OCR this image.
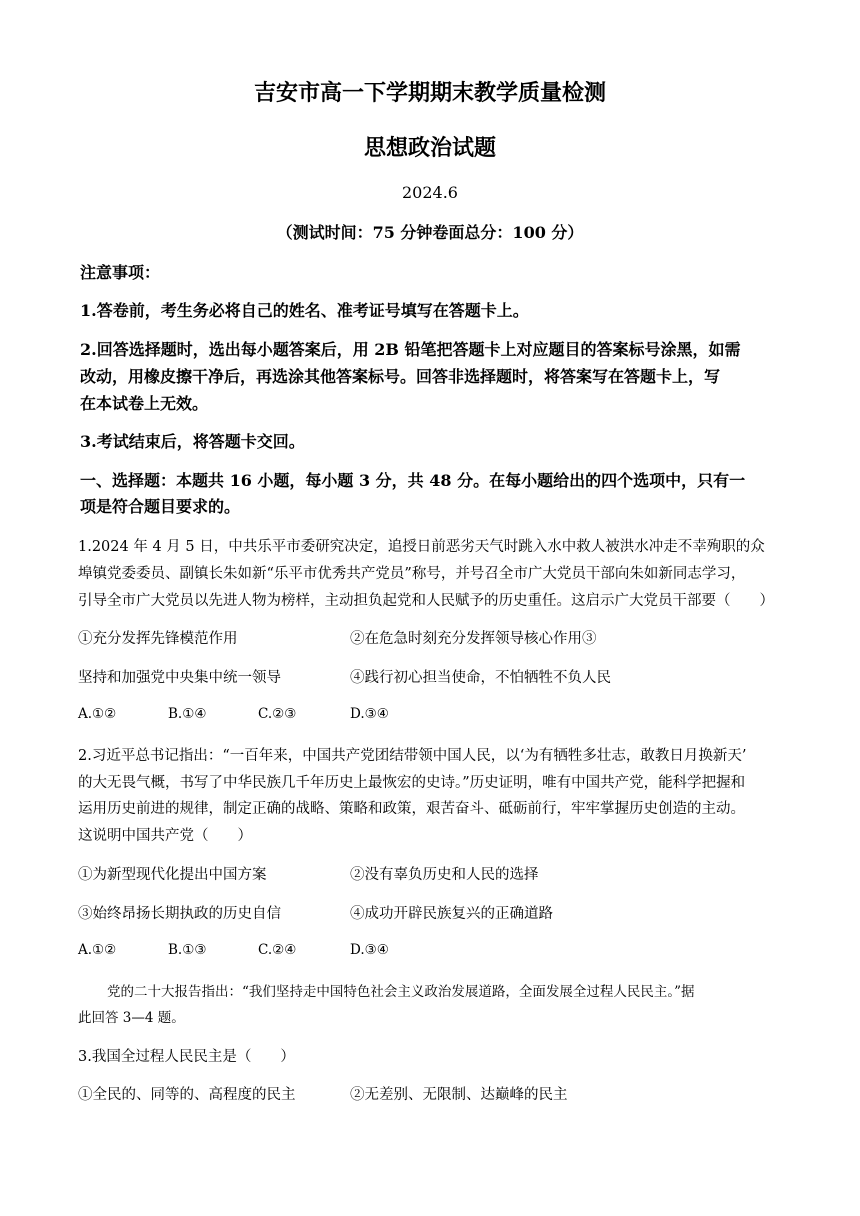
吉安市高一下学期期末教学质量检测
思想政治试题
2024.6
（测试时间：75 分钟卷面总分：100 分）
注意事项：
1.答卷前，考生务必将自己的姓名、准考证号填写在答题卡上。
2.回答选择题时，选出每小题答案后，用 2B 铅笔把答题卡上对应题目的答案标号涂黑，如需
改动，用橡皮擦干净后，再选涂其他答案标号。回答非选择题时，将答案写在答题卡上，写
在本试卷上无效。
3.考试结束后，将答题卡交回。
一、选择题：本题共 16 小题，每小题 3 分，共 48 分。在每小题给出的四个选项中，只有一
项是符合题目要求的。
1.2024 年 4 月 5 日，中共乐平市委研究决定，追授日前恶劣天气时跳入水中救人被洪水冲走不幸殉职的众
埠镇党委委员、副镇长朱如新“乐平市优秀共产党员”称号，并号召全市广大党员干部向朱如新同志学习，
引导全市广大党员以先进人物为榜样，主动担负起党和人民赋予的历史重任。这启示广大党员干部要（　　）
①充分发挥先锋模范作用	②在危急时刻充分发挥领导核心作用③
坚持和加强党中央集中统一领导	④践行初心担当使命，不怕牺牲不负人民
A.①②	B.①④	C.②③	D.③④
2.习近平总书记指出：“一百年来，中国共产党团结带领中国人民，以‘为有牺牲多壮志，敢教日月换新天’
的大无畏气概，书写了中华民族几千年历史上最恢宏的史诗。”历史证明，唯有中国共产党，能科学把握和
运用历史前进的规律，制定正确的战略、策略和政策，艰苦奋斗、砥砺前行，牢牢掌握历史创造的主动。
这说明中国共产党（　　）
①为新型现代化提出中国方案	②没有辜负历史和人民的选择
③始终昂扬长期执政的历史自信	④成功开辟民族复兴的正确道路
A.①②	B.①③	C.②④	D.③④
党的二十大报告指出：“我们坚持走中国特色社会主义政治发展道路，全面发展全过程人民民主。”据
此回答 3—4 题。
3.我国全过程人民民主是（　　）
①全民的、同等的、高程度的民主	②无差别、无限制、达巅峰的民主
